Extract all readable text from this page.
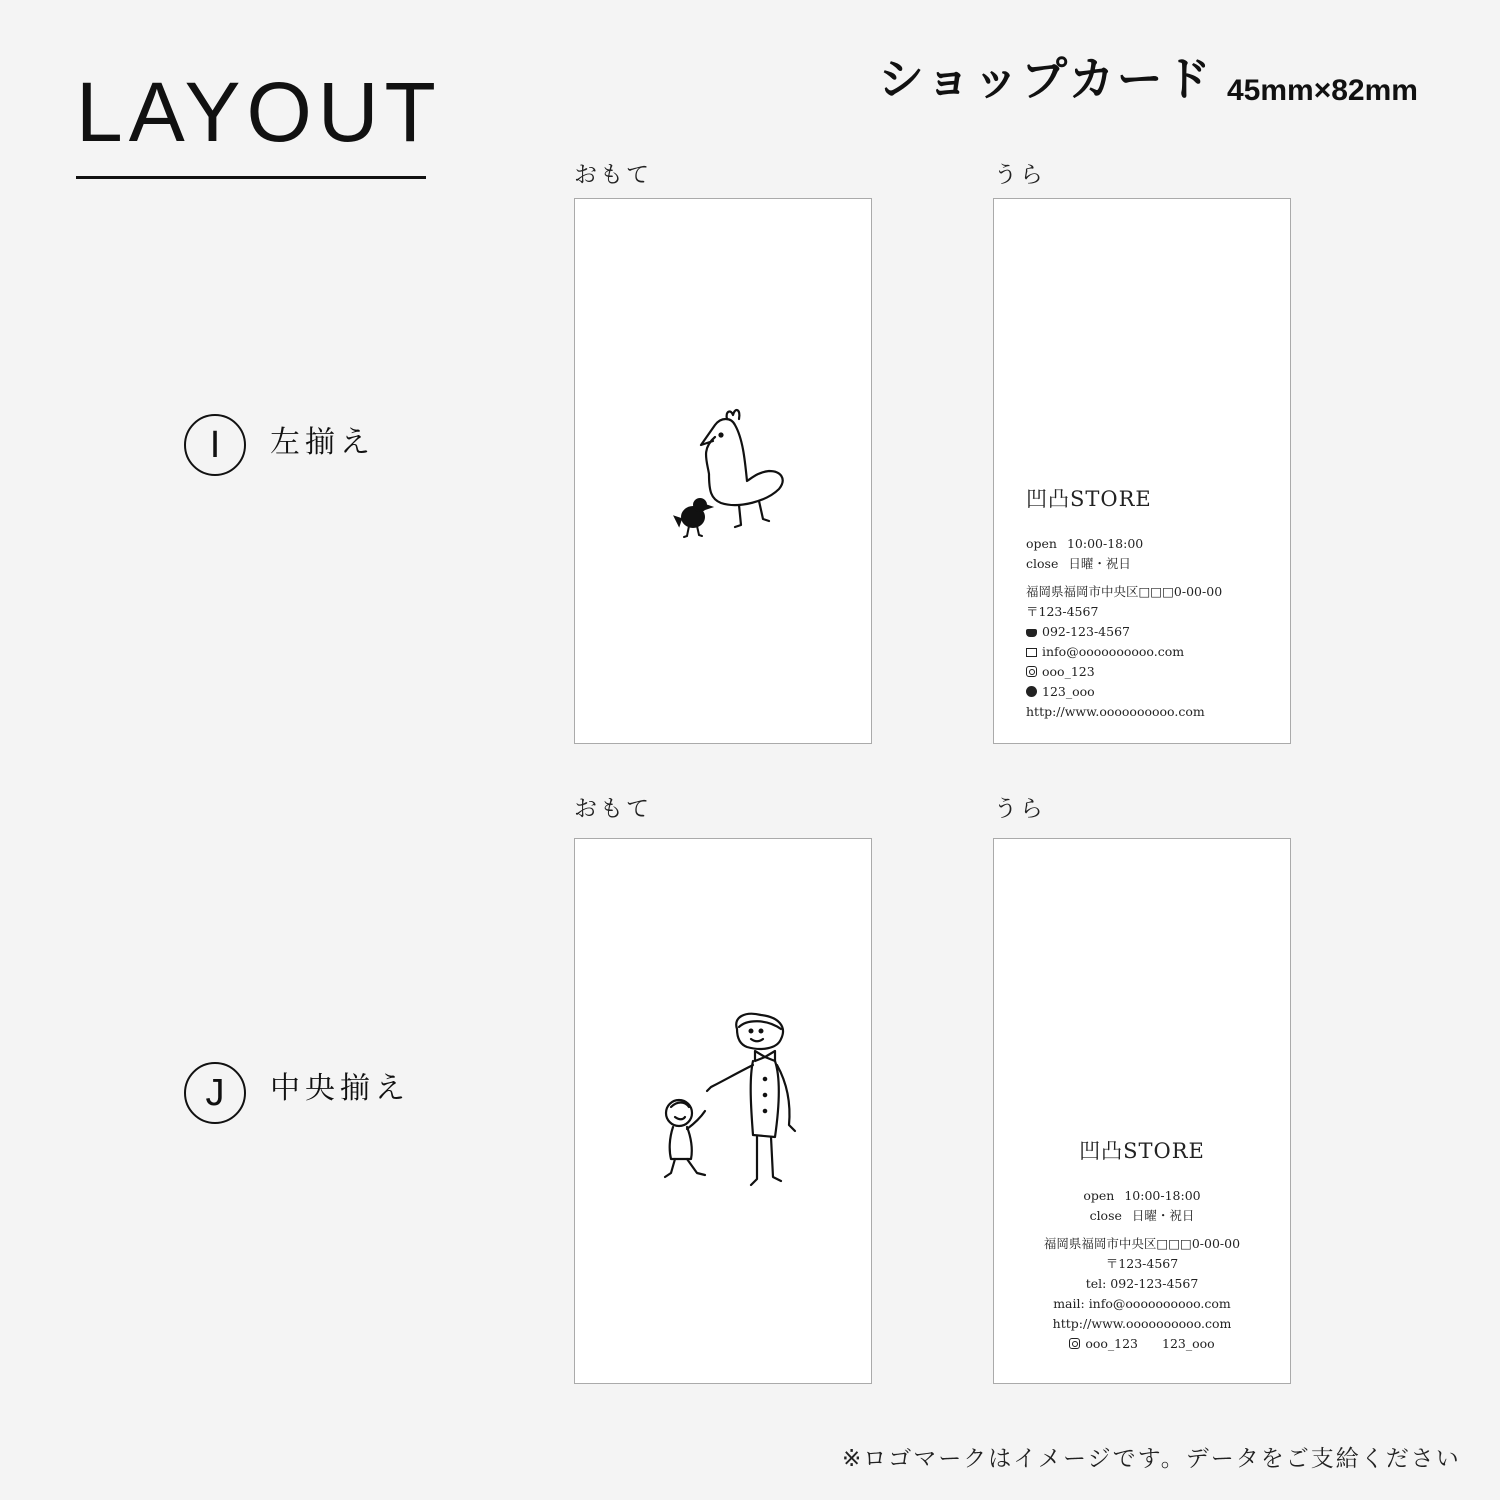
LAYOUT	ショップカード 45mm×82mm
おもて	うら
I	左揃え
凹凸STORE
open 10:00-18:00
close 日曜・祝日
福岡県福岡市中央区□□□0-00-00
〒123-4567
092-123-4567
info@oooooooooo.com
ooo_123
123_ooo
http://www.oooooooooo.com
おもて	うら
J	中央揃え
凹凸STORE
open 10:00-18:00
close 日曜・祝日
福岡県福岡市中央区□□□0-00-00
〒123-4567
tel: 092-123-4567
mail: info@oooooooooo.com
http://www.oooooooooo.com
ooo_123 123_ooo
※ロゴマークはイメージです。データをご支給ください
